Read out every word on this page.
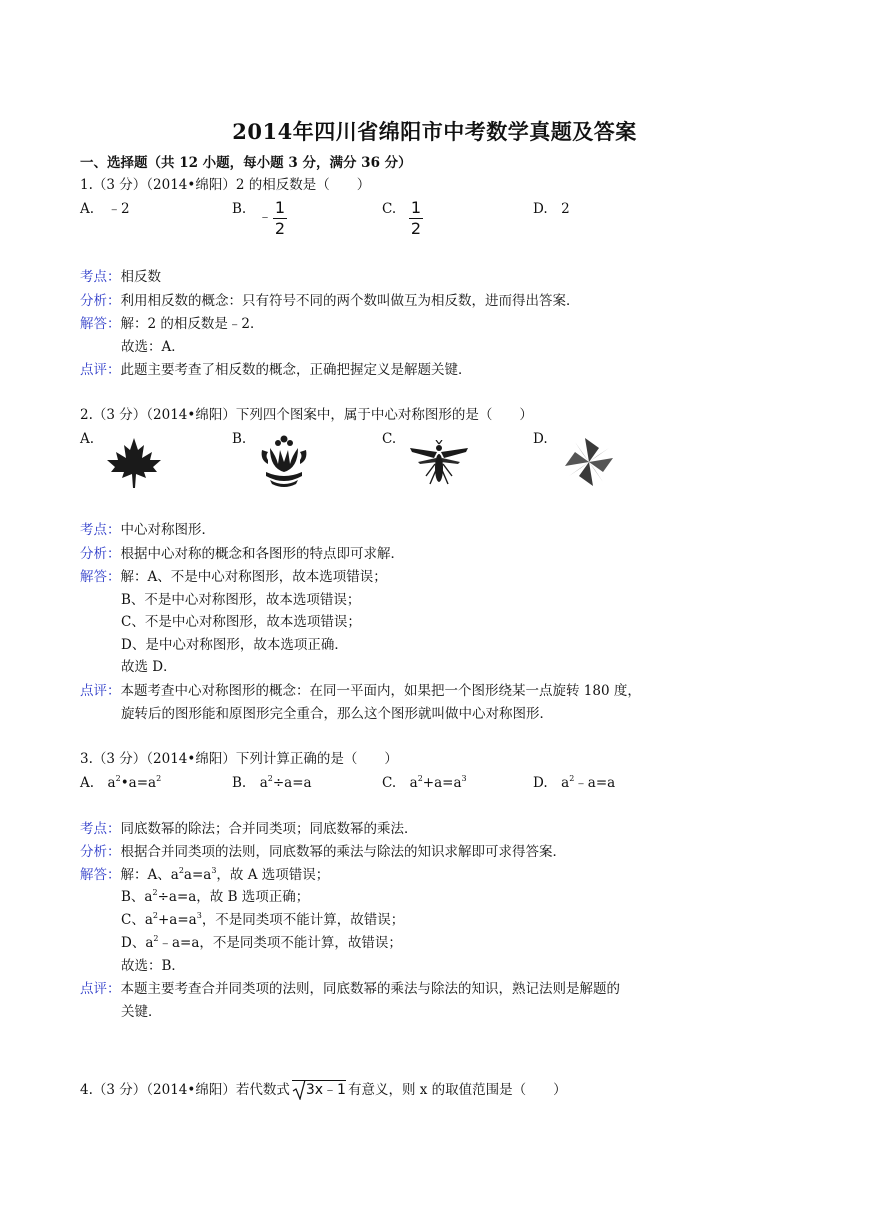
2014年四川省绵阳市中考数学真题及答案
一、选择题（共 12 小题，每小题 3 分，满分 36 分）
1.（3 分）（2014•绵阳）2 的相反数是（　　）
A.　﹣2	B. ﹣ 1
2
C. 1
2
D.　2
考点：相反数
分析：利用相反数的概念：只有符号不同的两个数叫做互为相反数，进而得出答案．
解答：解：2 的相反数是﹣2．
故选：A．
点评：此题主要考查了相反数的概念，正确把握定义是解题关键．
2.（3 分）（2014•绵阳）下列四个图案中，属于中心对称图形的是（　　）
A.	B.	C.	D.
考点：中心对称图形．
分析：根据中心对称的概念和各图形的特点即可求解．
解答：解：A、不是中心对称图形，故本选项错误；
B、不是中心对称图形，故本选项错误；
C、不是中心对称图形，故本选项错误；
D、是中心对称图形，故本选项正确．
故选 D．
点评：本题考查中心对称图形的概念：在同一平面内，如果把一个图形绕某一点旋转 180 度，
旋转后的图形能和原图形完全重合，那么这个图形就叫做中心对称图形．
3.（3 分）（2014•绵阳）下列计算正确的是（　　）
A.　$a^2•a=a^2$	B.　$a^2\div a=a$	C.　$a^2+a=a^3$	D.　$a^2﹣a=a$
考点：同底数幂的除法；合并同类项；同底数幂的乘法．
分析：根据合并同类项的法则，同底数幂的乘法与除法的知识求解即可求得答案．
解答：解：A、$a^2a=a^3$，故 A 选项错误；
B、$a^2\div a=a$，故 B 选项正确；
C、$a^2+a=a^3$，不是同类项不能计算，故错误；
D、$a^2﹣a=a$，不是同类项不能计算，故错误；
故选：B．
点评：本题主要考查合并同类项的法则，同底数幂的乘法与除法的知识，熟记法则是解题的
关键．
4.（3 分）（2014•绵阳）若代数式 3x﹣1 有意义，则 x 的取值范围是（　　）
